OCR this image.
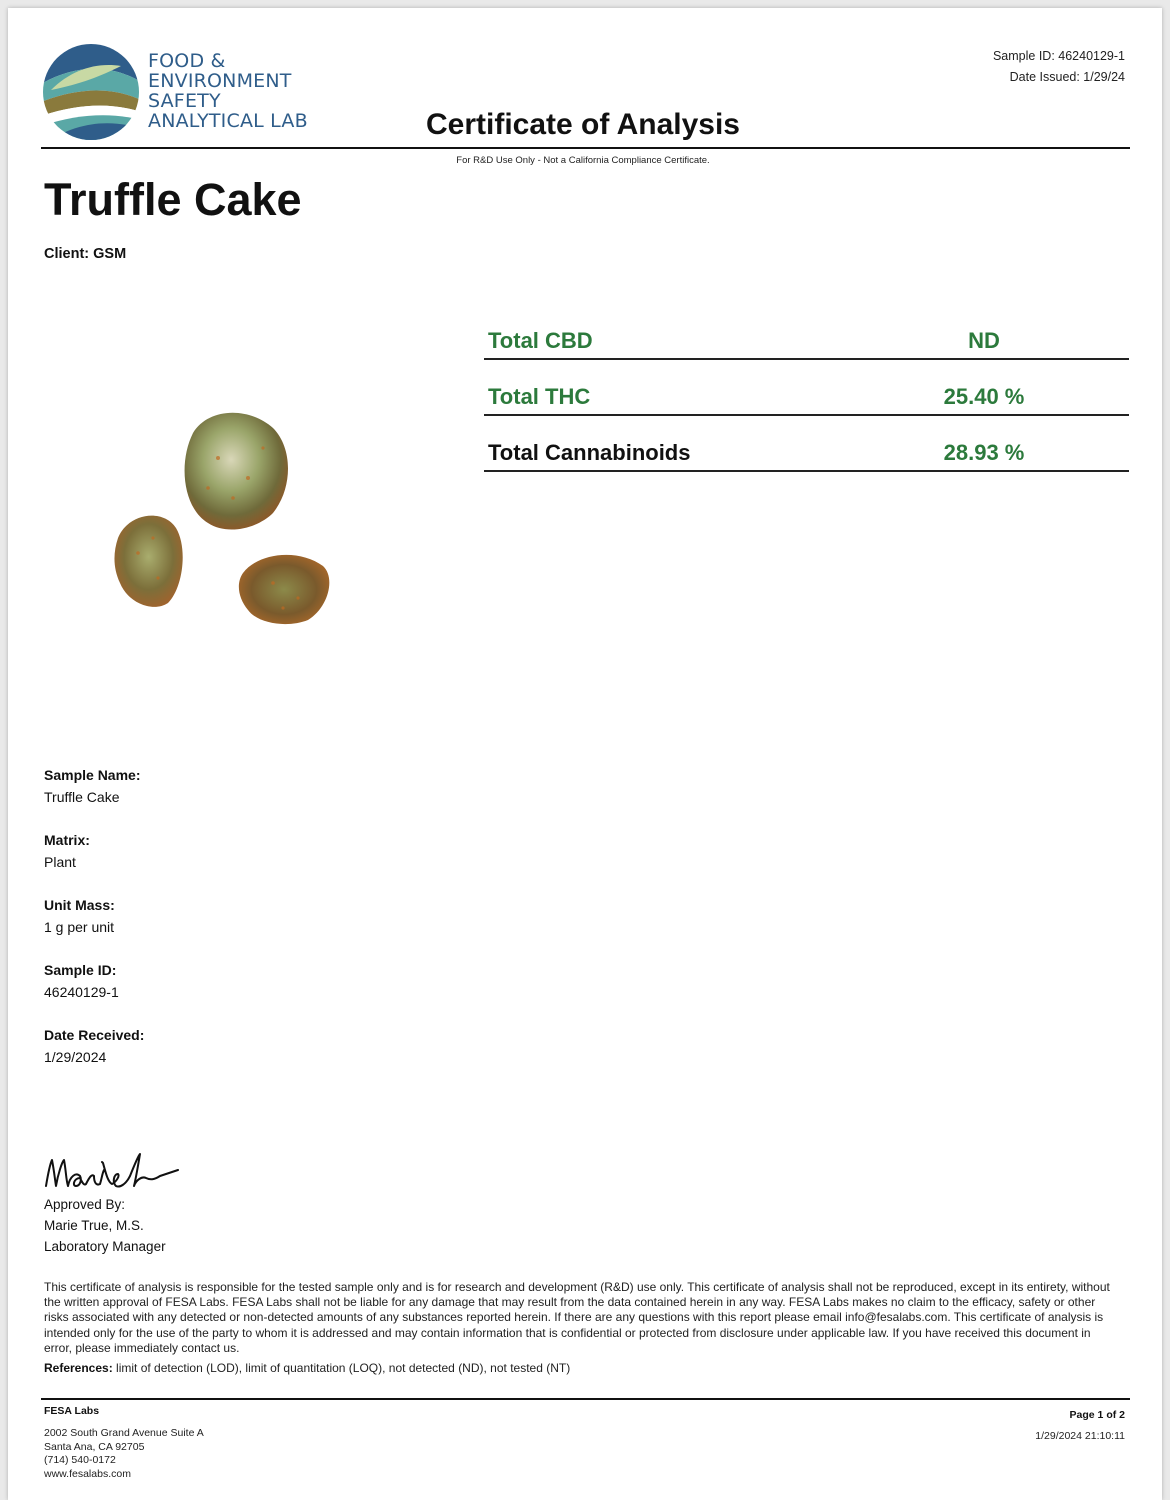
FOOD &
ENVIRONMENT
SAFETY
ANALYTICAL LAB
Sample ID: 46240129-1
Date Issued: 1/29/24
Certificate of Analysis
For R&D Use Only - Not a California Compliance Certificate.
Truffle Cake
Client: GSM
Total CBD	ND
Total THC	25.40 %
Total Cannabinoids	28.93 %

Sample Name:

Truffle Cake

Matrix:

Plant

Unit Mass:

1 g per unit

Sample ID:

46240129-1

Date Received:

1/29/2024

Approved By:
Marie True, M.S.
Laboratory Manager
This certificate of analysis is responsible for the tested sample only and is for research and development (R&D) use only. This certificate of analysis shall not be reproduced, except in its entirety, without the written approval of FESA Labs. FESA Labs shall not be liable for any damage that may result from the data contained herein in any way. FESA Labs makes no claim to the efficacy, safety or other risks associated with any detected or non-detected amounts of any substances reported herein. If there are any questions with this report please email info@fesalabs.com. This certificate of analysis is intended only for the use of the party to whom it is addressed and may contain information that is confidential or protected from disclosure under applicable law. If you have received this document in error, please immediately contact us.
References: limit of detection (LOD), limit of quantitation (LOQ), not detected (ND), not tested (NT)
FESA Labs
2002 South Grand Avenue Suite A
Santa Ana, CA 92705
(714) 540-0172
www.fesalabs.com
Page 1 of 2
1/29/2024 21:10:11
